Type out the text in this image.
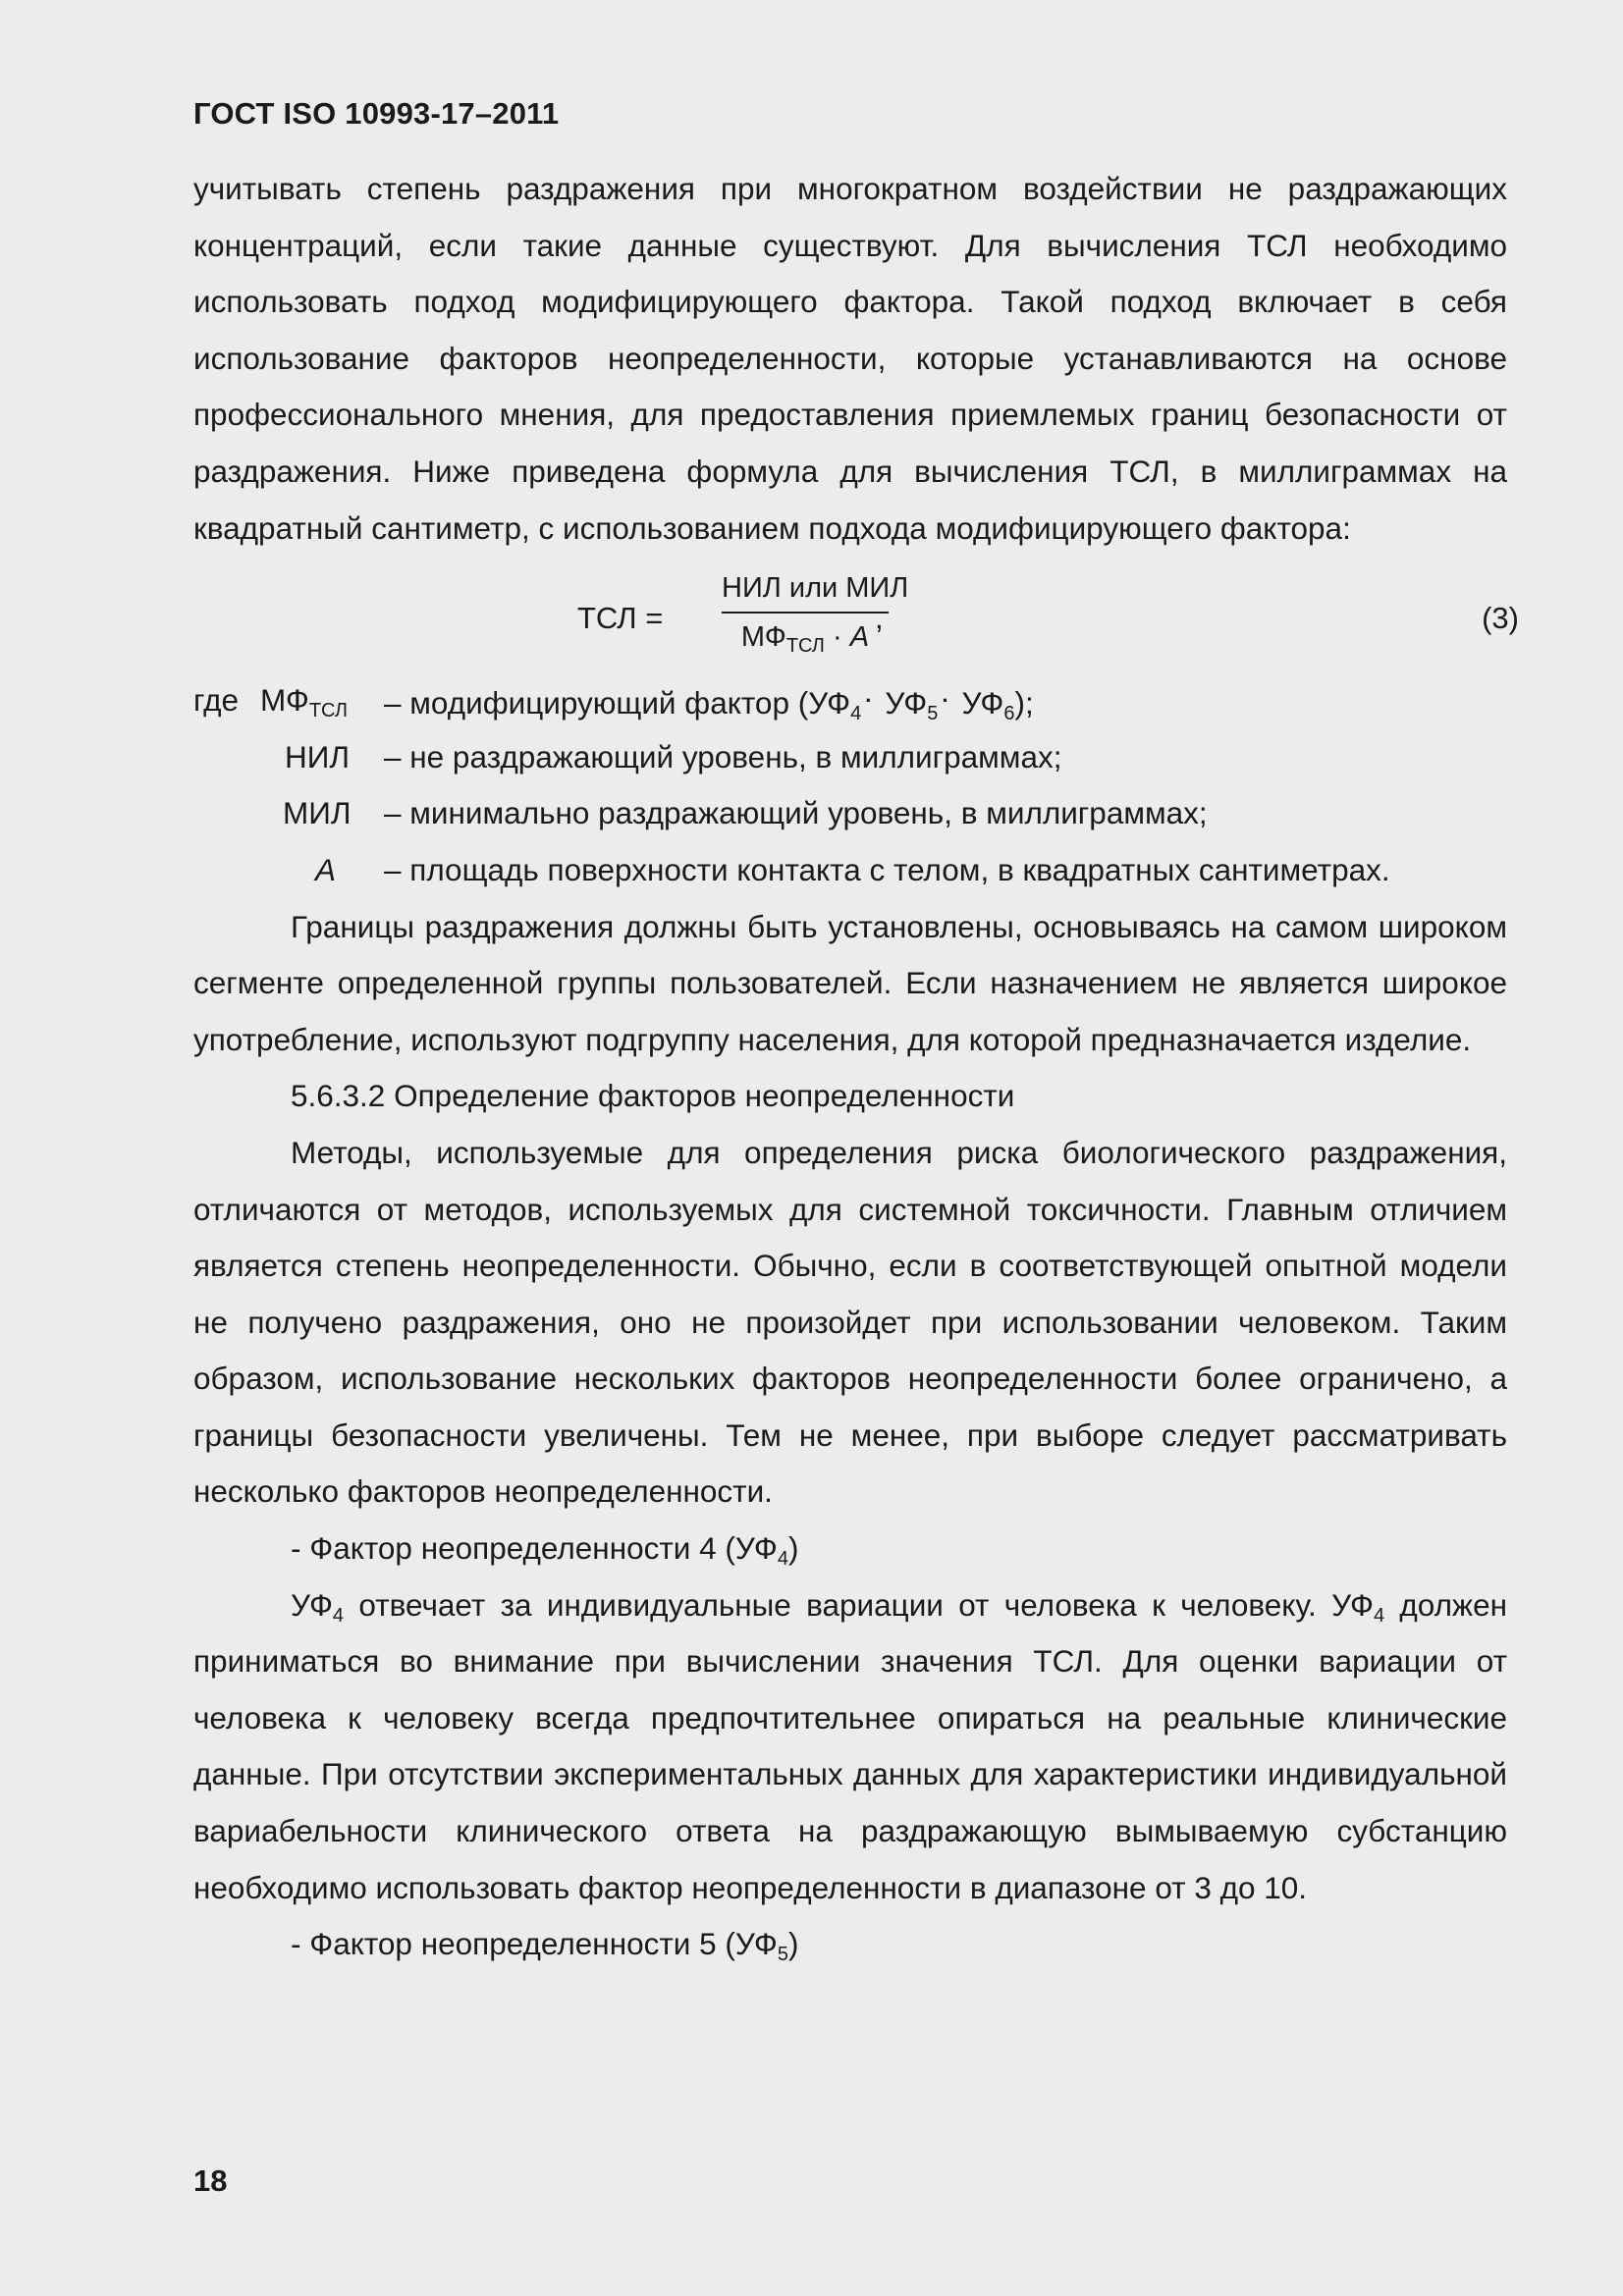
ГОСТ ISO 10993-17–2011

учитывать степень раздражения при многократном воздействии не раздражающих концентраций, если такие данные существуют. Для вычисления ТСЛ необходимо использовать подход модифицирующего фактора. Такой подход включает в себя использование факторов неопределенности, которые устанавливаются на основе профессионального мнения, для предоставления приемлемых границ безопасности от раздражения. Ниже приведена формула для вычисления ТСЛ, в миллиграммах на квадратный сантиметр, с использованием подхода модифицирующего фактора:

ТСЛ =
НИЛ или МИЛ
$МФ_{ТСЛ} \cdot A$
,	(3)
где $МФ_{ТСЛ}$ – модифицирующий фактор $(УФ_4\cdot УФ_5\cdot УФ_6)$;
НИЛ – не раздражающий уровень, в миллиграммах;
МИЛ – минимально раздражающий уровень, в миллиграммах;
A – площадь поверхности контакта с телом, в квадратных сантиметрах.

Границы раздражения должны быть установлены, основываясь на самом широком сегменте определенной группы пользователей. Если назначением не является широкое употребление, используют подгруппу населения, для которой предназначается изделие.

5.6.3.2 Определение факторов неопределенности

Методы, используемые для определения риска биологического раздражения, отличаются от методов, используемых для системной токсичности. Главным отличием является степень неопределенности. Обычно, если в соответствующей опытной модели не получено раздражения, оно не произойдет при использовании человеком. Таким образом, использование нескольких факторов неопределенности более ограничено, а границы безопасности увеличены. Тем не менее, при выборе следует рассматривать несколько факторов неопределенности.

- Фактор неопределенности 4 $(УФ_4)$

$УФ_4$ отвечает за индивидуальные вариации от человека к человеку. $УФ_4$ должен приниматься во внимание при вычислении значения ТСЛ. Для оценки вариации от человека к человеку всегда предпочтительнее опираться на реальные клинические данные. При отсутствии экспериментальных данных для характеристики индивидуальной вариабельности клинического ответа на раздражающую вымываемую субстанцию необходимо использовать фактор неопределенности в диапазоне от 3 до 10.

- Фактор неопределенности 5 $(УФ_5)$

18
